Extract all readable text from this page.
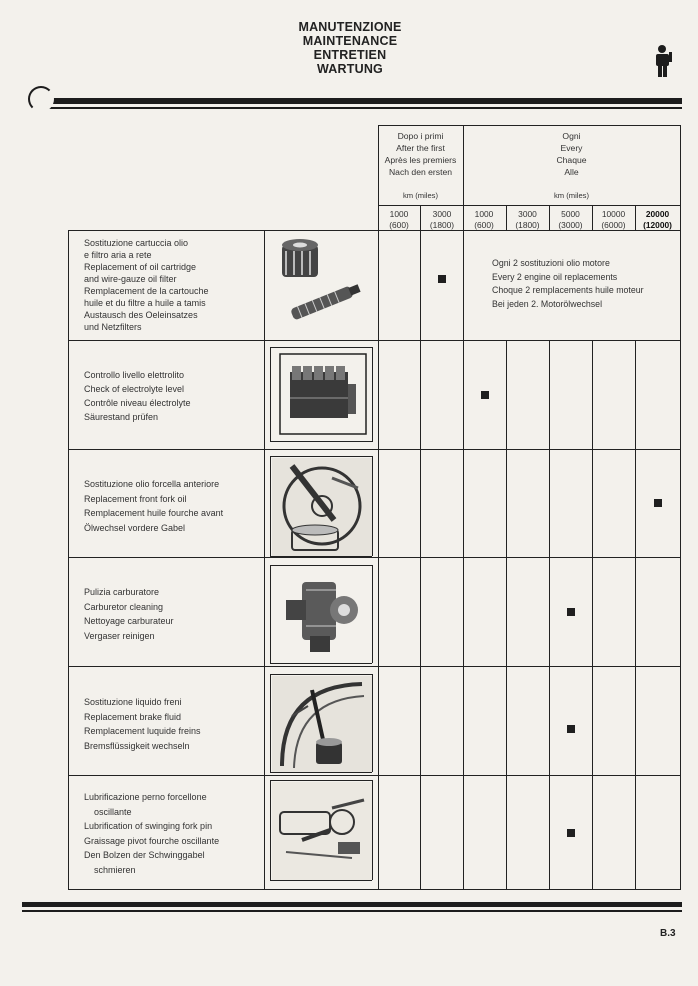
MANUTENZIONE
MAINTENANCE
ENTRETIEN
WARTUNG
Dopo i primi
After the first
Après les premiers
Nach den ersten
km (miles)
Ogni
Every
Chaque
Alle
km (miles)
1000
(600)
3000
(1800)
1000
(600)
3000
(1800)
5000
(3000)
10000
(6000)
20000
(12000)
Sostituzione cartuccia olio
e filtro aria a rete
Replacement of oil cartridge
and wire-gauze oil filter
Remplacement de la cartouche
huile et du filtre a huile a tamis
Austausch des Oeleinsatzes
und Netzfilters
Controllo livello elettrolito
Check of electrolyte level
Contrôle niveau électrolyte
Säurestand prüfen
Sostituzione olio forcella anteriore
Replacement front fork oil
Remplacement huile fourche avant
Ölwechsel vordere Gabel
Pulizia carburatore
Carburetor cleaning
Nettoyage carburateur
Vergaser reinigen
Sostituzione liquido freni
Replacement brake fluid
Remplacement luquide freins
Bremsflüssigkeit wechseln
Lubrificazione perno forcellone
oscillante
Lubrification of swinging fork pin
Graissage pivot fourche oscillante
Den Bolzen der Schwinggabel
schmieren
Ogni 2 sostituzioni olio motore
Every 2 engine oil replacements
Choque 2 remplacements huile moteur
Bei jeden 2. Motorölwechsel
B.3
